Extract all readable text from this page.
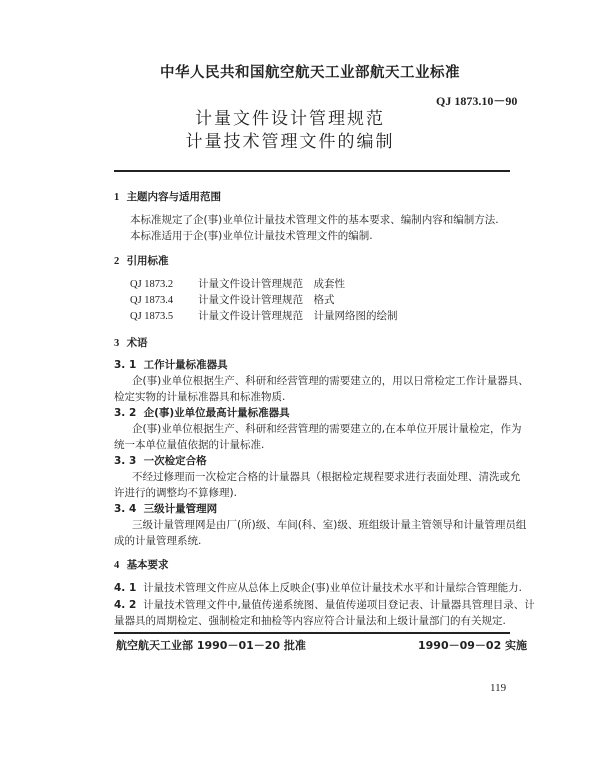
中华人民共和国航空航天工业部航天工业标准
QJ 1873.10－90
计量文件设计管理规范
计量技术管理文件的编制
1 主题内容与适用范围
本标准规定了企(事)业单位计量技术管理文件的基本要求、编制内容和编制方法.
本标准适用于企(事)业单位计量技术管理文件的编制.
2 引用标准
QJ 1873.2 计量文件设计管理规范　成套性
QJ 1873.4 计量文件设计管理规范　格式
QJ 1873.5 计量文件设计管理规范　计量网络图的绘制
3 术语
3. 1 工作计量标准器具
企(事)业单位根据生产、科研和经营管理的需要建立的，用以日常检定工作计量器具、
检定实物的计量标准器具和标准物质.
3. 2 企(事)业单位最高计量标准器具
企(事)业单位根据生产、科研和经营管理的需要建立的,在本单位开展计量检定，作为
统一本单位量值依据的计量标准.
3. 3 一次检定合格
不经过修理而一次检定合格的计量器具（根据检定规程要求进行表面处理、清洗或允
许进行的调整均不算修理).
3. 4 三级计量管理网
三级计量管理网是由厂(所)级、车间(科、室)级、班组级计量主管领导和计量管理员组
成的计量管理系统.
4 基本要求
4. 1 计量技术管理文件应从总体上反映企(事)业单位计量技术水平和计量综合管理能力.
4. 2 计量技术管理文件中,量值传递系统图、量值传递项目登记表、计量器具管理目录、计
量器具的周期检定、强制检定和抽检等内容应符合计量法和上级计量部门的有关规定.
航空航天工业部 1990－01－20 批准	1990－09－02 实施
119
